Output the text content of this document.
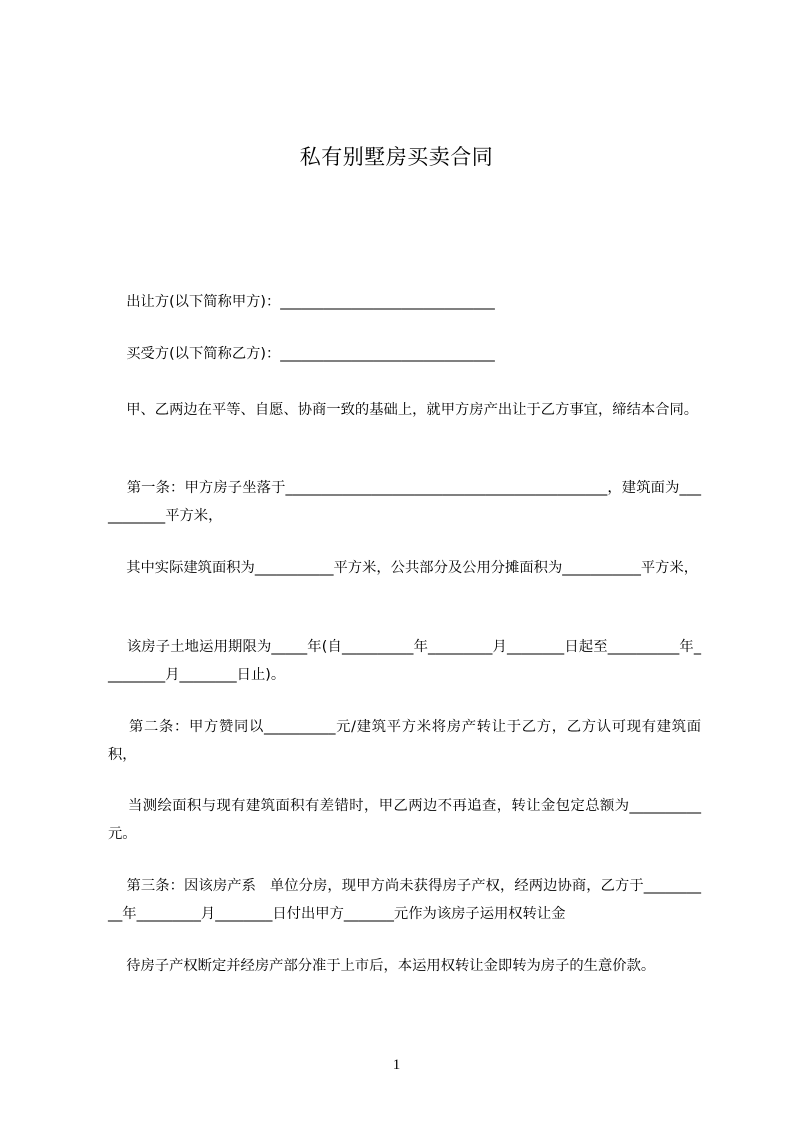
私有别墅房买卖合同
出让方(以下简称甲方)：______________________________
买受方(以下简称乙方)：______________________________
甲、乙两边在平等、自愿、协商一致的基础上，就甲方房产出让于乙方事宜，缔结本合同。
第一条：甲方房子坐落于_____________________________________________，建筑面为___________平方米，
其中实际建筑面积为___________平方米，公共部分及公用分摊面积为___________平方米，
该房子土地运用期限为_____年(自__________年_________月________日起至__________年_________月________日止)。
第二条：甲方赞同以__________元/建筑平方米将房产转让于乙方，乙方认可现有建筑面积，
当测绘面积与现有建筑面积有差错时，甲乙两边不再追查，转让金包定总额为__________元。
第三条：因该房产系   单位分房，现甲方尚未获得房子产权，经两边协商，乙方于__________年_________月________日付出甲方_______元作为该房子运用权转让金
待房子产权断定并经房产部分准于上市后，本运用权转让金即转为房子的生意价款。
1
